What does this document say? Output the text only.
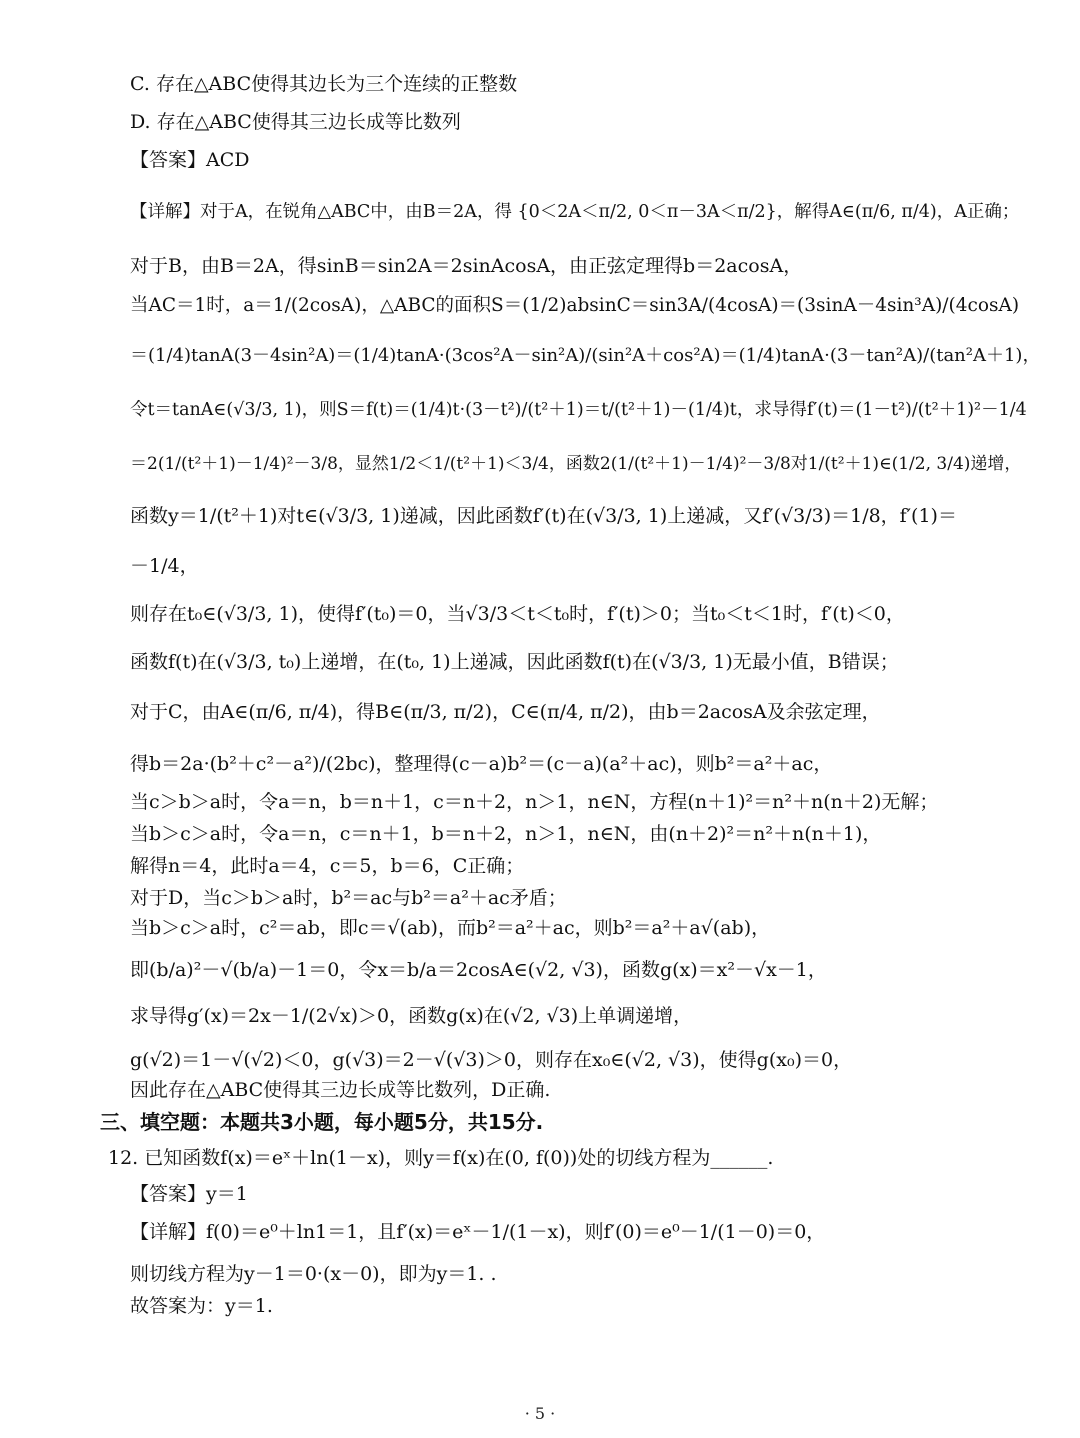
C. 存在△ABC使得其边长为三个连续的正整数
D. 存在△ABC使得其三边长成等比数列
【答案】ACD
【详解】对于A，在锐角△ABC中，由B＝2A，得 {0＜2A＜π/2, 0＜π－3A＜π/2}，解得A∈(π/6, π/4)，A正确；
对于B，由B＝2A，得sinB＝sin2A＝2sinAcosA，由正弦定理得b＝2acosA，
当AC＝1时，a＝1/(2cosA)，△ABC的面积S＝(1/2)absinC＝sin3A/(4cosA)＝(3sinA－4sin³A)/(4cosA)
＝(1/4)tanA(3－4sin²A)＝(1/4)tanA·(3cos²A－sin²A)/(sin²A＋cos²A)＝(1/4)tanA·(3－tan²A)/(tan²A＋1)，
令t＝tanA∈(√3/3, 1)，则S＝f(t)＝(1/4)t·(3－t²)/(t²＋1)＝t/(t²＋1)－(1/4)t，求导得f′(t)＝(1－t²)/(t²＋1)²－1/4
＝2(1/(t²＋1)－1/4)²－3/8，显然1/2＜1/(t²＋1)＜3/4，函数2(1/(t²＋1)－1/4)²－3/8对1/(t²＋1)∈(1/2, 3/4)递增，
函数y＝1/(t²＋1)对t∈(√3/3, 1)递减，因此函数f′(t)在(√3/3, 1)上递减，又f′(√3/3)＝1/8，f′(1)＝
－1/4，
则存在t₀∈(√3/3, 1)，使得f′(t₀)＝0，当√3/3＜t＜t₀时，f′(t)＞0；当t₀＜t＜1时，f′(t)＜0，
函数f(t)在(√3/3, t₀)上递增，在(t₀, 1)上递减，因此函数f(t)在(√3/3, 1)无最小值，B错误；
对于C，由A∈(π/6, π/4)，得B∈(π/3, π/2)，C∈(π/4, π/2)，由b＝2acosA及余弦定理，
得b＝2a·(b²＋c²－a²)/(2bc)，整理得(c－a)b²＝(c－a)(a²＋ac)，则b²＝a²＋ac，
当c＞b＞a时，令a＝n，b＝n＋1，c＝n＋2，n＞1，n∈N，方程(n＋1)²＝n²＋n(n＋2)无解；
当b＞c＞a时，令a＝n，c＝n＋1，b＝n＋2，n＞1，n∈N，由(n＋2)²＝n²＋n(n＋1)，
解得n＝4，此时a＝4，c＝5，b＝6，C正确；
对于D，当c＞b＞a时，b²＝ac与b²＝a²＋ac矛盾；
当b＞c＞a时，c²＝ab，即c＝√(ab)，而b²＝a²＋ac，则b²＝a²＋a√(ab)，
即(b/a)²－√(b/a)－1＝0，令x＝b/a＝2cosA∈(√2, √3)，函数g(x)＝x²－√x－1，
求导得g′(x)＝2x－1/(2√x)＞0，函数g(x)在(√2, √3)上单调递增，
g(√2)＝1－√(√2)＜0，g(√3)＝2－√(√3)＞0，则存在x₀∈(√2, √3)，使得g(x₀)＝0，
因此存在△ABC使得其三边长成等比数列，D正确.
三、填空题：本题共3小题，每小题5分，共15分.
12. 已知函数f(x)＝eˣ＋ln(1－x)，则y＝f(x)在(0, f(0))处的切线方程为______.
【答案】y＝1
【详解】f(0)＝e⁰＋ln1＝1，且f′(x)＝eˣ－1/(1－x)，则f′(0)＝e⁰－1/(1－0)＝0，
则切线方程为y－1＝0·(x－0)，即为y＝1. .
故答案为：y＝1.
· 5 ·
